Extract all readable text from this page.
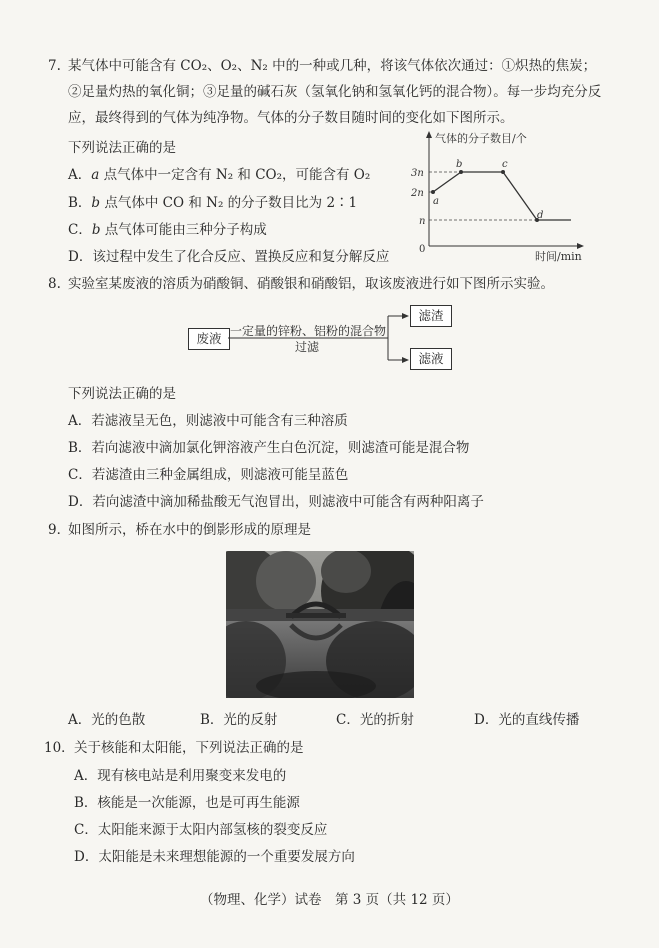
7. 某气体中可能含有 CO₂、O₂、N₂ 中的一种或几种，将该气体依次通过：①炽热的焦炭；
②足量灼热的氧化铜；③足量的碱石灰（氢氧化钠和氢氧化钙的混合物）。每一步均充分反
应，最终得到的气体为纯净物。气体的分子数目随时间的变化如下图所示。
下列说法正确的是
A．a 点气体中一定含有 N₂ 和 CO₂，可能含有 O₂
B．b 点气体中 CO 和 N₂ 的分子数目比为 2∶1
C．b 点气体可能由三种分子构成
D．该过程中发生了化合反应、置换反应和复分解反应
气体的分子数目/个
时间/min
0
3n
2n
n
a
b	c
d
8. 实验室某废液的溶质为硝酸铜、硝酸银和硝酸铝，取该废液进行如下图所示实验。
废液 一定量的锌粉、铝粉的混合物
过滤
滤渣
滤液
下列说法正确的是
A．若滤液呈无色，则滤液中可能含有三种溶质
B．若向滤液中滴加氯化钾溶液产生白色沉淀，则滤渣可能是混合物
C．若滤渣由三种金属组成，则滤液可能呈蓝色
D．若向滤渣中滴加稀盐酸无气泡冒出，则滤液中可能含有两种阳离子
9．
如图所示，桥在水中的倒影形成的原理是
A．光的色散	B．光的反射	C．光的折射	D．光的直线传播
10． 关于核能和太阳能，下列说法正确的是
A．现有核电站是利用聚变来发电的
B．核能是一次能源，也是可再生能源
C．太阳能来源于太阳内部氢核的裂变反应
D．太阳能是未来理想能源的一个重要发展方向
（物理、化学）试卷　第 3 页（共 12 页）
